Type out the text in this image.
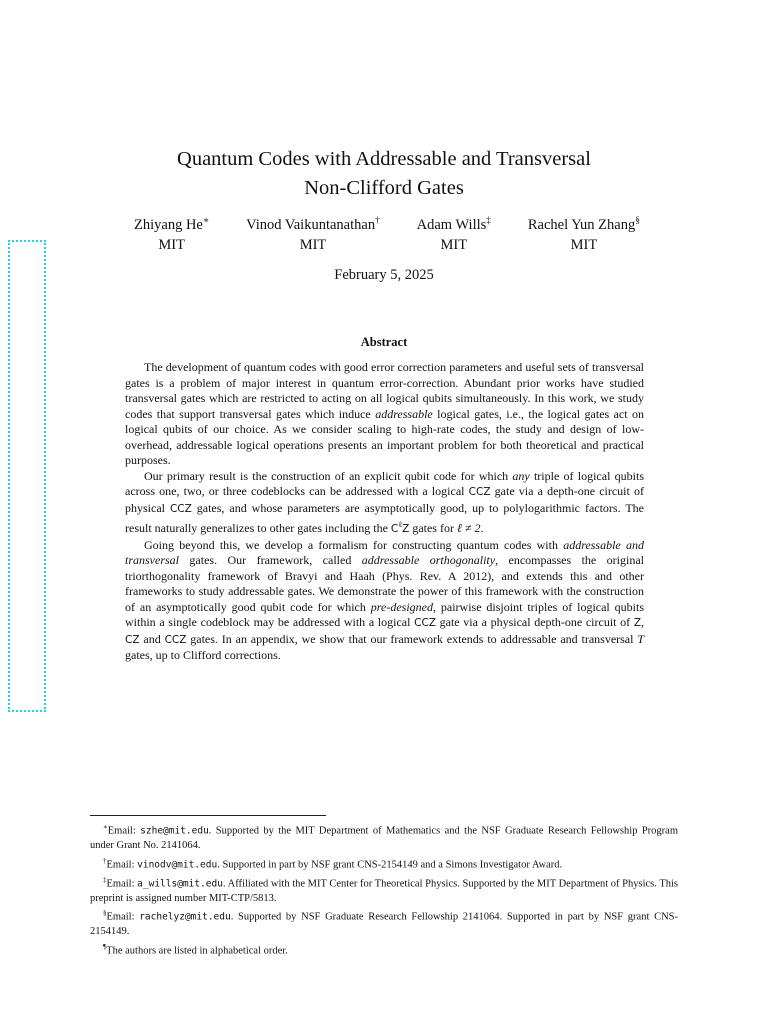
Quantum Codes with Addressable and Transversal
Non-Clifford Gates
Zhiyang He∗
MIT
Vinod Vaikuntanathan†
MIT
Adam Wills‡
MIT
Rachel Yun Zhang§
MIT
February 5, 2025
Abstract

The development of quantum codes with good error correction parameters and useful sets of transversal gates is a problem of major interest in quantum error-correction. Abundant prior works have studied transversal gates which are restricted to acting on all logical qubits simultaneously. In this work, we study codes that support transversal gates which induce addressable logical gates, i.e., the logical gates act on logical qubits of our choice. As we consider scaling to high-rate codes, the study and design of low-overhead, addressable logical operations presents an important problem for both theoretical and practical purposes.

Our primary result is the construction of an explicit qubit code for which any triple of logical qubits across one, two, or three codeblocks can be addressed with a logical CCZ gate via a depth-one circuit of physical CCZ gates, and whose parameters are asymptotically good, up to polylogarithmic factors. The result naturally generalizes to other gates including the $C^\ell Z$ gates for ℓ ≠ 2.

Going beyond this, we develop a formalism for constructing quantum codes with addressable and transversal gates. Our framework, called addressable orthogonality, encompasses the original triorthogonality framework of Bravyi and Haah (Phys. Rev. A 2012), and extends this and other frameworks to study addressable gates. We demonstrate the power of this framework with the construction of an asymptotically good qubit code for which pre-designed, pairwise disjoint triples of logical qubits within a single codeblock may be addressed with a logical CCZ gate via a physical depth-one circuit of Z, CZ and CCZ gates. In an appendix, we show that our framework extends to addressable and transversal T gates, up to Clifford corrections.

∗Email: szhe@mit.edu. Supported by the MIT Department of Mathematics and the NSF Graduate Research Fellowship Program under Grant No. 2141064.

†Email: vinodv@mit.edu. Supported in part by NSF grant CNS-2154149 and a Simons Investigator Award.

‡Email: a_wills@mit.edu. Affiliated with the MIT Center for Theoretical Physics. Supported by the MIT Department of Physics. This preprint is assigned number MIT-CTP/5813.

§Email: rachelyz@mit.edu. Supported by NSF Graduate Research Fellowship 2141064. Supported in part by NSF grant CNS-2154149.

¶The authors are listed in alphabetical order.
